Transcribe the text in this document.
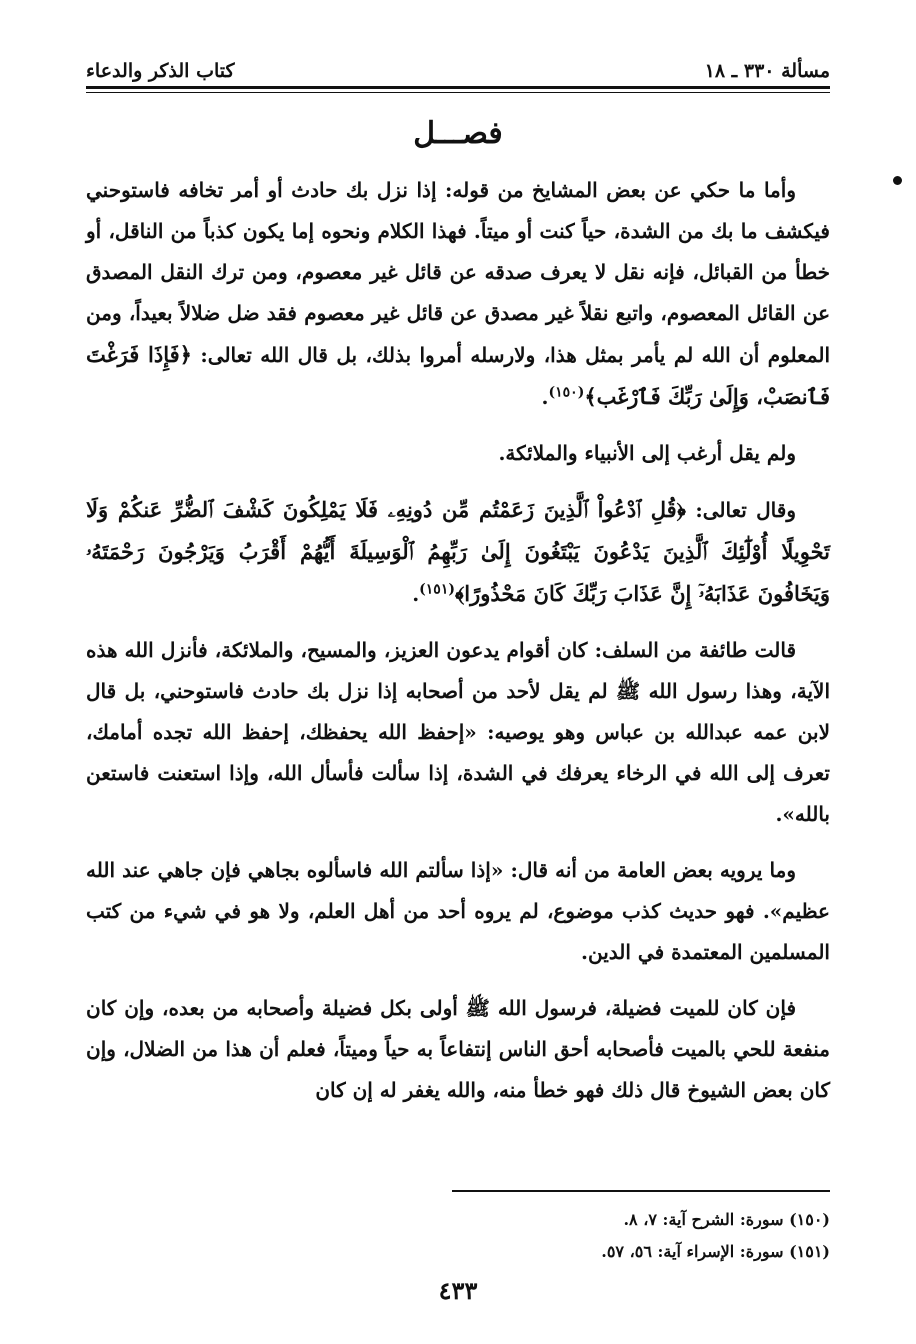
مسألة ٣٣٠ ـ ١٨
كتاب الذكر والدعاء
فصـــل

وأما ما حكي عن بعض المشايخ من قوله: إذا نزل بك حادث أو أمر تخافه فاستوحني فيكشف ما بك من الشدة، حياً كنت أو ميتاً. فهذا الكلام ونحوه إما يكون كذباً من الناقل، أو خطأ من القبائل، فإنه نقل لا يعرف صدقه عن قائل غير معصوم، ومن ترك النقل المصدق عن القائل المعصوم، واتبع نقلاً غير مصدق عن قائل غير معصوم فقد ضل ضلالاً بعيداً، ومن المعلوم أن الله لم يأمر بمثل هذا، ولارسله أمروا بذلك، بل قال الله تعالى: ﴿فَإِذَا فَرَغْتَ فَٱنصَبْ، وَإِلَىٰ رَبِّكَ فَٱرْغَب﴾$^{(١٥٠)}$.

ولم يقل أرغب إلى الأنبياء والملائكة.

وقال تعالى: ﴿قُلِ ٱدْعُواْ ٱلَّذِينَ زَعَمْتُم مِّن دُونِهِۦ فَلَا يَمْلِكُونَ كَشْفَ ٱلضُّرِّ عَنكُمْ وَلَا تَحْوِيلًا أُوْلَٰٓئِكَ ٱلَّذِينَ يَدْعُونَ يَبْتَغُونَ إِلَىٰ رَبِّهِمُ ٱلْوَسِيلَةَ أَيُّهُمْ أَقْرَبُ وَيَرْجُونَ رَحْمَتَهُۥ وَيَخَافُونَ عَذَابَهُۥٓ إِنَّ عَذَابَ رَبِّكَ كَانَ مَحْذُورًا﴾$^{(١٥١)}$.

قالت طائفة من السلف: كان أقوام يدعون العزيز، والمسيح، والملائكة، فأنزل الله هذه الآية، وهذا رسول الله ﷺ لم يقل لأحد من أصحابه إذا نزل بك حادث فاستوحني، بل قال لابن عمه عبدالله بن عباس وهو يوصيه: «إحفظ الله يحفظك، إحفظ الله تجده أمامك، تعرف إلى الله في الرخاء يعرفك في الشدة، إذا سألت فأسأل الله، وإذا استعنت فاستعن بالله».

وما يرويه بعض العامة من أنه قال: «إذا سألتم الله فاسألوه بجاهي فإن جاهي عند الله عظيم». فهو حديث كذب موضوع، لم يروه أحد من أهل العلم، ولا هو في شيء من كتب المسلمين المعتمدة في الدين.

فإن كان للميت فضيلة، فرسول الله ﷺ أولى بكل فضيلة وأصحابه من بعده، وإن كان منفعة للحي بالميت فأصحابه أحق الناس إنتفاعاً به حياً وميتاً، فعلم أن هذا من الضلال، وإن كان بعض الشيوخ قال ذلك فهو خطأ منه، والله يغفر له إن كان

(١٥٠) سورة: الشرح آية: ٧، ٨.
(١٥١) سورة: الإسراء آية: ٥٦، ٥٧.
٤٣٣
